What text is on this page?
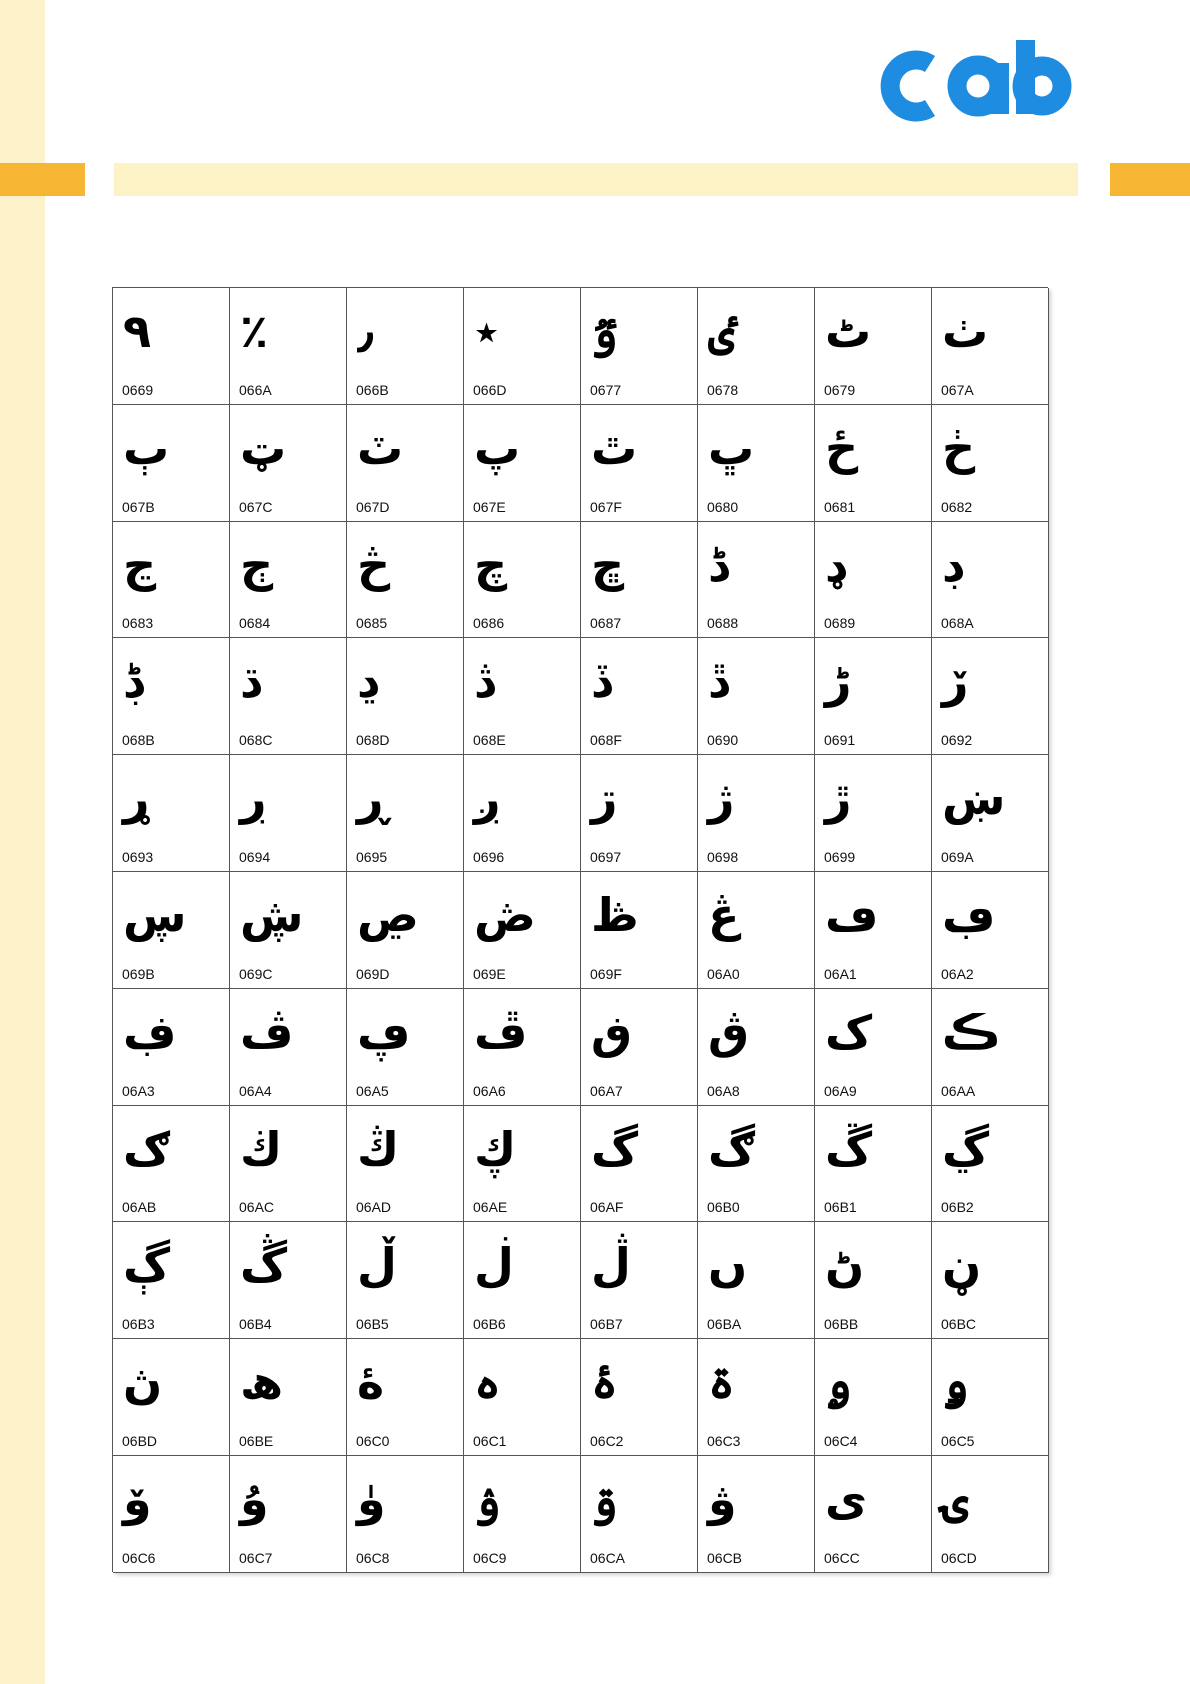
٩
0669
٪
066A
٫
066B
٭
066D
ٷ
0677
ٸ
0678
ٹ
0679
ٺ
067A
ٻ
067B
ټ
067C
ٽ
067D
پ
067E
ٿ
067F
ڀ
0680
ځ
0681
ڂ
0682
ڃ
0683
ڄ
0684
څ
0685
چ
0686
ڇ
0687
ڈ
0688
ډ
0689
ڊ
068A
ڋ
068B
ڌ
068C
ڍ
068D
ڎ
068E
ڏ
068F
ڐ
0690
ڑ
0691
ڒ
0692
ړ
0693
ڔ
0694
ڕ
0695
ږ
0696
ڗ
0697
ژ
0698
ڙ
0699
ښ
069A
ڛ
069B
ڜ
069C
ڝ
069D
ڞ
069E
ڟ
069F
ڠ
06A0
ڡ
06A1
ڢ
06A2
ڣ
06A3
ڤ
06A4
ڥ
06A5
ڦ
06A6
ڧ
06A7
ڨ
06A8
ک
06A9
ڪ
06AA
ګ
06AB
ڬ
06AC
ڭ
06AD
ڮ
06AE
گ
06AF
ڰ
06B0
ڱ
06B1
ڲ
06B2
ڳ
06B3
ڴ
06B4
ڵ
06B5
ڶ
06B6
ڷ
06B7
ں
06BA
ڻ
06BB
ڼ
06BC
ڽ
06BD
ھ
06BE
ۀ
06C0
ہ
06C1
ۂ
06C2
ۃ
06C3
ۄ
06C4
ۅ
06C5
ۆ
06C6
ۇ
06C7
ۈ
06C8
ۉ
06C9
ۊ
06CA
ۋ
06CB
ی
06CC
ۍ
06CD
